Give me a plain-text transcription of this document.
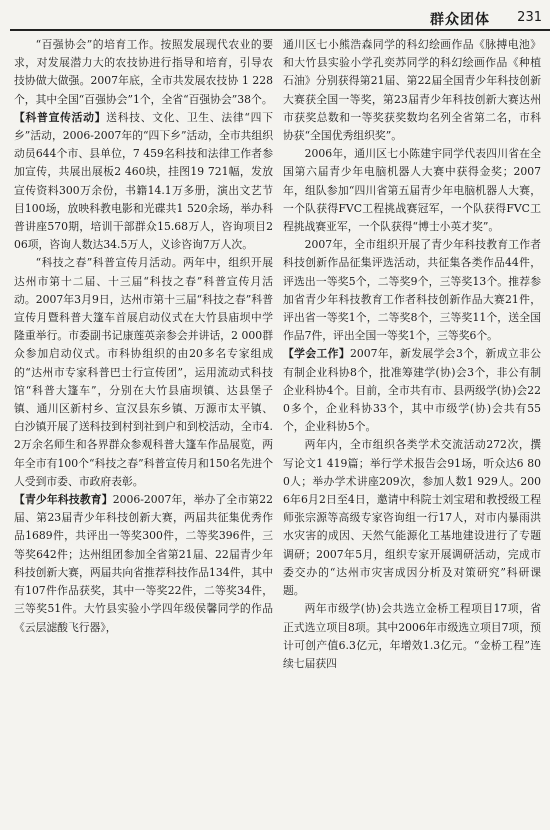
群众团体 231

“百强协会”的培育工作。按照发展现代农业的要求，对发展潜力大的农技协进行指导和培育，引导农技协做大做强。2007年底，全市共发展农技协 1 228个，其中全国“百强协会”1个，全省“百强协会”38个。

【科普宣传活动】送科技、文化、卫生、法律“四下乡”活动，2006-2007年的“四下乡”活动，全市共组织动员644个市、县单位，7 459名科技和法律工作者参加宣传，共展出展板2 460块，挂图19 721幅，发放宣传资料300万余份，书籍14.1万多册，演出文艺节目100场，放映科教电影和光碟共1 520余场，举办科普讲座570期，培训干部群众15.68万人，咨询项目206项，咨询人数达34.5万人，义诊咨询7万人次。

“科技之春”科普宣传月活动。两年中，组织开展达州市第十二届、十三届“科技之春”科普宣传月活动。2007年3月9日，达州市第十三届“科技之春”科普宣传月暨科普大篷车首展启动仪式在大竹县庙坝中学隆重举行。市委副书记康莲英亲参会并讲话，2 000群众参加启动仪式。市科协组织的由20多名专家组成的“达州市专家科普巴士行宣传团”，运用流动式科技馆“科普大篷车”，分别在大竹县庙坝镇、达县堡子镇、通川区新村乡、宣汉县东乡镇、万源市太平镇、白沙镇开展了送科技到村到社到户和到校活动，全市4.2万余名师生和各界群众参观科普大篷车作品展览，两年全市有100个“科技之春”科普宣传月和150名先进个人受到市委、市政府表彰。

【青少年科技教育】2006-2007年，举办了全市第22届、第23届青少年科技创新大赛，两届共征集优秀作品1689件，共评出一等奖300件，二等奖396件，三等奖642件；达州组团参加全省第21届、22届青少年科技创新大赛，两届共向省推荐科技作品134件，其中有107件作品获奖，其中一等奖22件，二等奖34件，三等奖51件。大竹县实验小学四年级侯馨同学的作品《云层滤酸飞行器》，

通川区七小熊浩森同学的科幻绘画作品《脉搏电池》和大竹县实验小学孔奕苏同学的科幻绘画作品《种植石油》分别获得第21届、第22届全国青少年科技创新大赛获全国一等奖，第23届青少年科技创新大赛达州市获奖总数和一等奖获奖数均名列全省第二名，市科协获“全国优秀组织奖”。

2006年，通川区七小陈建宇同学代表四川省在全国第六届青少年电脑机器人大赛中获得金奖；2007年，组队参加“四川省第五届青少年电脑机器人大赛，一个队获得FVC工程挑战赛冠军，一个队获得FVC工程挑战赛亚军，一个队获得“博士小英才奖”。

2007年，全市组织开展了青少年科技教育工作者科技创新作品征集评选活动，共征集各类作品44件，评选出一等奖5个，二等奖9个，三等奖13个。推荐参加省青少年科技教育工作者科技创新作品大赛21件，评出省一等奖1个，二等奖8个，三等奖11个，送全国作品7件，评出全国一等奖1个，三等奖6个。

【学会工作】2007年，新发展学会3个，新成立非公有制企业科协8个，批准筹建学(协)会3个，非公有制企业科协4个。目前，全市共有市、县两级学(协)会220多个，企业科协33个，其中市级学(协)会共有55个，企业科协5个。

两年内，全市组织各类学术交流活动272次，撰写论文1 419篇；举行学术报告会91场，听众达6 800人；举办学术讲座209次，参加人数1 929人。2006年6月2日至4日，邀请中科院士刘宝珺和教授级工程师张宗源等高级专家咨询组一行17人，对市内暴雨洪水灾害的成因、天然气能源化工基地建设进行了专题调研；2007年5月，组织专家开展调研活动，完成市委交办的“达州市灾害成因分析及对策研究”科研课题。

两年市级学(协)会共选立金桥工程项目17项，省正式选立项目8项。其中2006年市级选立项目7项，预计可创产值6.3亿元，年增效1.3亿元。“金桥工程”连续七届获四
